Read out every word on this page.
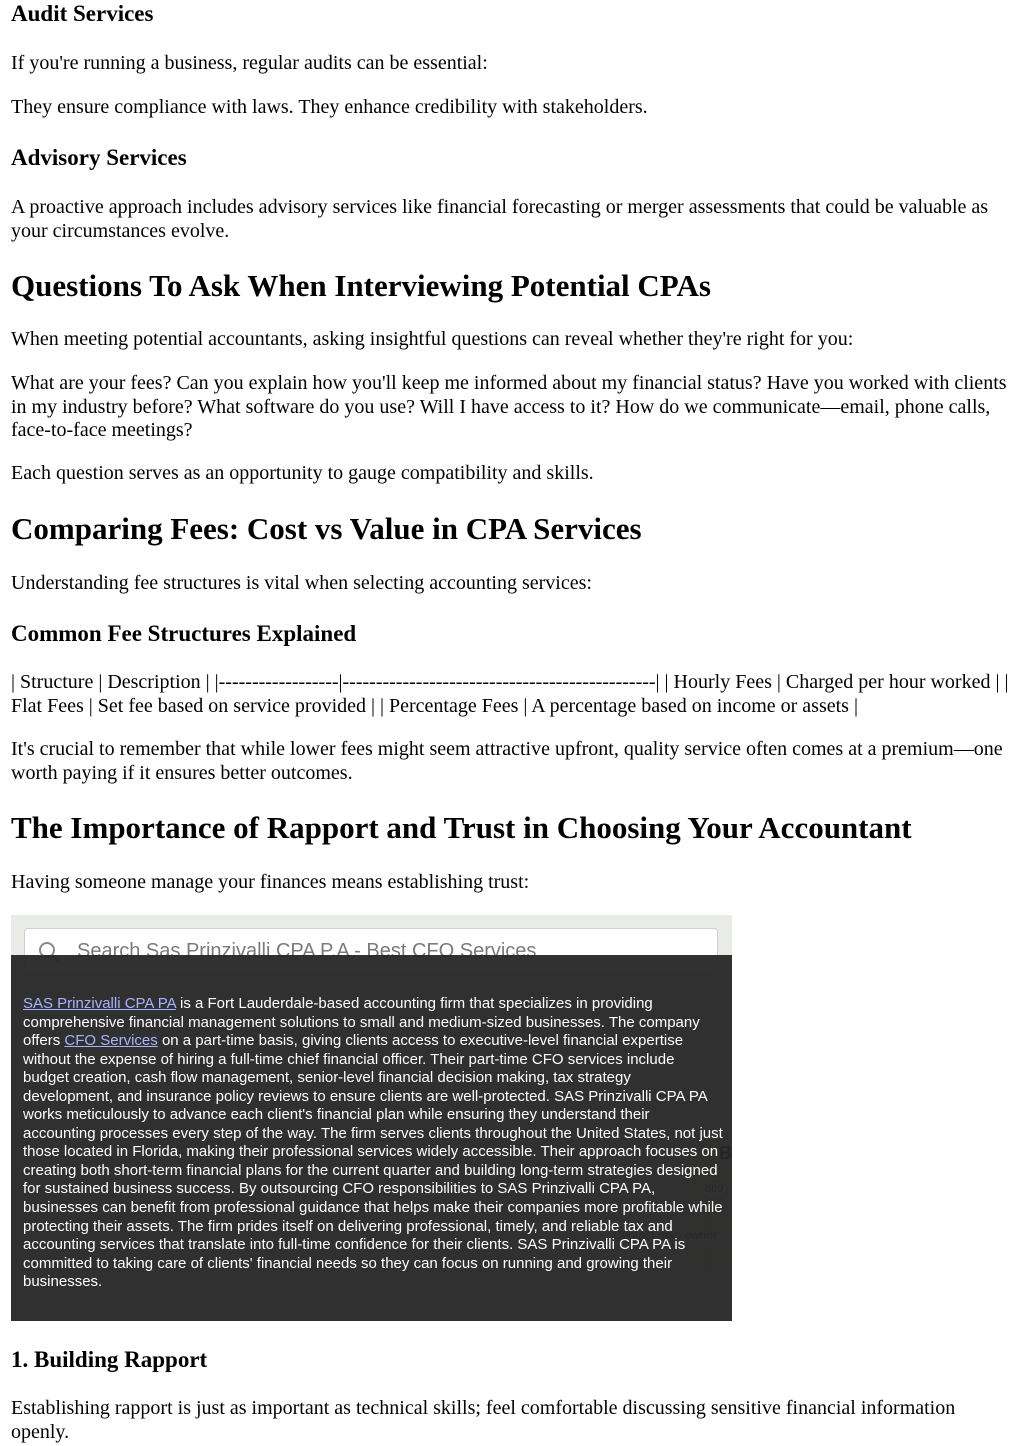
Audit Services

If you're running a business, regular audits can be essential:

They ensure compliance with laws. They enhance credibility with stakeholders.

Advisory Services

A proactive approach includes advisory services like financial forecasting or merger assessments that could be valuable as your circumstances evolve.

Questions To Ask When Interviewing Potential CPAs

When meeting potential accountants, asking insightful questions can reveal whether they're right for you:

What are your fees? Can you explain how you'll keep me informed about my financial status? Have you worked with clients in my industry before? What software do you use? Will I have access to it? How do we communicate—email, phone calls, face-to-face meetings?

Each question serves as an opportunity to gauge compatibility and skills.

Comparing Fees: Cost vs Value in CPA Services

Understanding fee structures is vital when selecting accounting services:

Common Fee Structures Explained

| Structure | Description | |------------------|-----------------------------------------------| | Hourly Fees | Charged per hour worked | | Flat Fees | Set fee based on service provided | | Percentage Fees | A percentage based on income or assets |

It's crucial to remember that while lower fees might seem attractive upfront, quality service often comes at a premium—one worth paying if it ensures better outcomes.

The Importance of Rapport and Trust in Choosing Your Accountant

Having someone manage your finances means establishing trust:

1. Building Rapport

Establishing rapport is just as important as technical skills; feel comfortable discussing sensitive financial information openly.

Search Sas Prinzivalli CPA P.A - Best CFO Services

SAS Prinzivalli CPA PA is a Fort Lauderdale-based accounting firm that specializes in providing comprehensive financial management solutions to small and medium-sized businesses. The company offers CFO Services on a part-time basis, giving clients access to executive-level financial expertise without the expense of hiring a full-time chief financial officer. Their part-time CFO services include budget creation, cash flow management, senior-level financial decision making, tax strategy development, and insurance policy reviews to ensure clients are well-protected. SAS Prinzivalli CPA PA works meticulously to advance each client's financial plan while ensuring they understand their accounting processes every step of the way. The firm serves clients throughout the United States, not just those located in Florida, making their professional services widely accessible. Their approach focuses on creating both short-term financial plans for the current quarter and building long-term strategies designed for sustained business success. By outsourcing CFO responsibilities to SAS Prinzivalli CPA PA, businesses can benefit from professional guidance that helps make their companies more profitable while protecting their assets. The firm prides itself on delivering professional, timely, and reliable tax and accounting services that translate into full-time confidence for their clients. SAS Prinzivalli CPA PA is committed to taking care of clients' financial needs so they can focus on running and growing their businesses.
